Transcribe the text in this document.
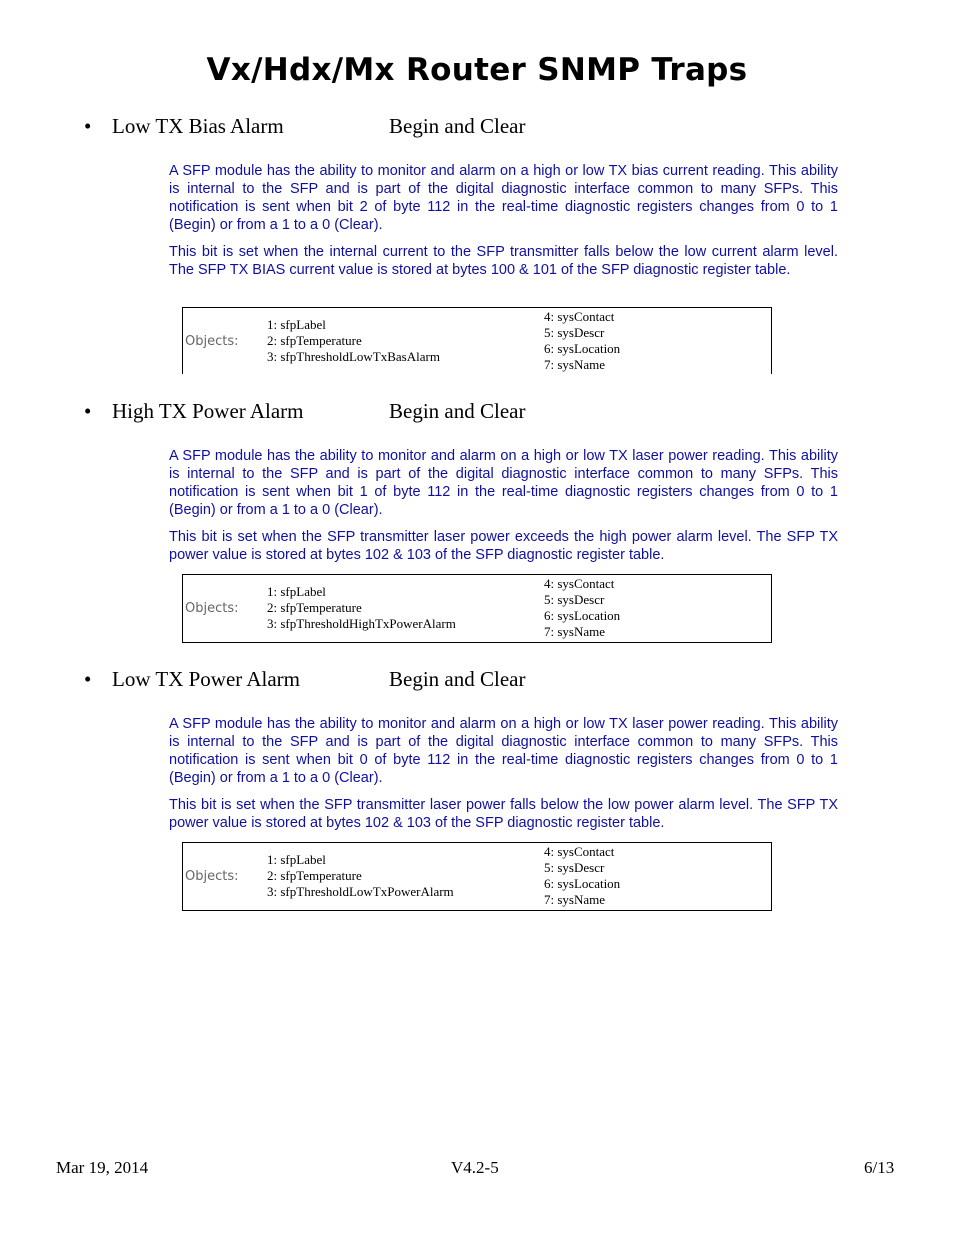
Vx/Hdx/Mx Router SNMP Traps
• Low TX Bias Alarm	Begin and Clear

A SFP module has the ability to monitor and alarm on a high or low TX bias current reading. This ability is internal to the SFP and is part of the digital diagnostic interface common to many SFPs. This notification is sent when bit 2 of byte 112 in the real-time diagnostic registers changes from 0 to 1 (Begin) or from a 1 to a 0 (Clear).

This bit is set when the internal current to the SFP transmitter falls below the low current alarm level. The SFP TX BIAS current value is stored at bytes 100 & 101 of the SFP diagnostic register table.

Objects:
1: sfpLabel
2: sfpTemperature
3: sfpThresholdLowTxBasAlarm
4: sysContact
5: sysDescr
6: sysLocation
7: sysName
• High TX Power Alarm	Begin and Clear

A SFP module has the ability to monitor and alarm on a high or low TX laser power reading. This ability is internal to the SFP and is part of the digital diagnostic interface common to many SFPs. This notification is sent when bit 1 of byte 112 in the real-time diagnostic registers changes from 0 to 1 (Begin) or from a 1 to a 0 (Clear).

This bit is set when the SFP transmitter laser power exceeds the high power alarm level. The SFP TX power value is stored at bytes 102 & 103 of the SFP diagnostic register table.

Objects:
1: sfpLabel
2: sfpTemperature
3: sfpThresholdHighTxPowerAlarm
4: sysContact
5: sysDescr
6: sysLocation
7: sysName
• Low TX Power Alarm	Begin and Clear

A SFP module has the ability to monitor and alarm on a high or low TX laser power reading. This ability is internal to the SFP and is part of the digital diagnostic interface common to many SFPs. This notification is sent when bit 0 of byte 112 in the real-time diagnostic registers changes from 0 to 1 (Begin) or from a 1 to a 0 (Clear).

This bit is set when the SFP transmitter laser power falls below the low power alarm level. The SFP TX power value is stored at bytes 102 & 103 of the SFP diagnostic register table.

Objects:
1: sfpLabel
2: sfpTemperature
3: sfpThresholdLowTxPowerAlarm
4: sysContact
5: sysDescr
6: sysLocation
7: sysName
Mar 19, 2014	V4.2-5	6/13
